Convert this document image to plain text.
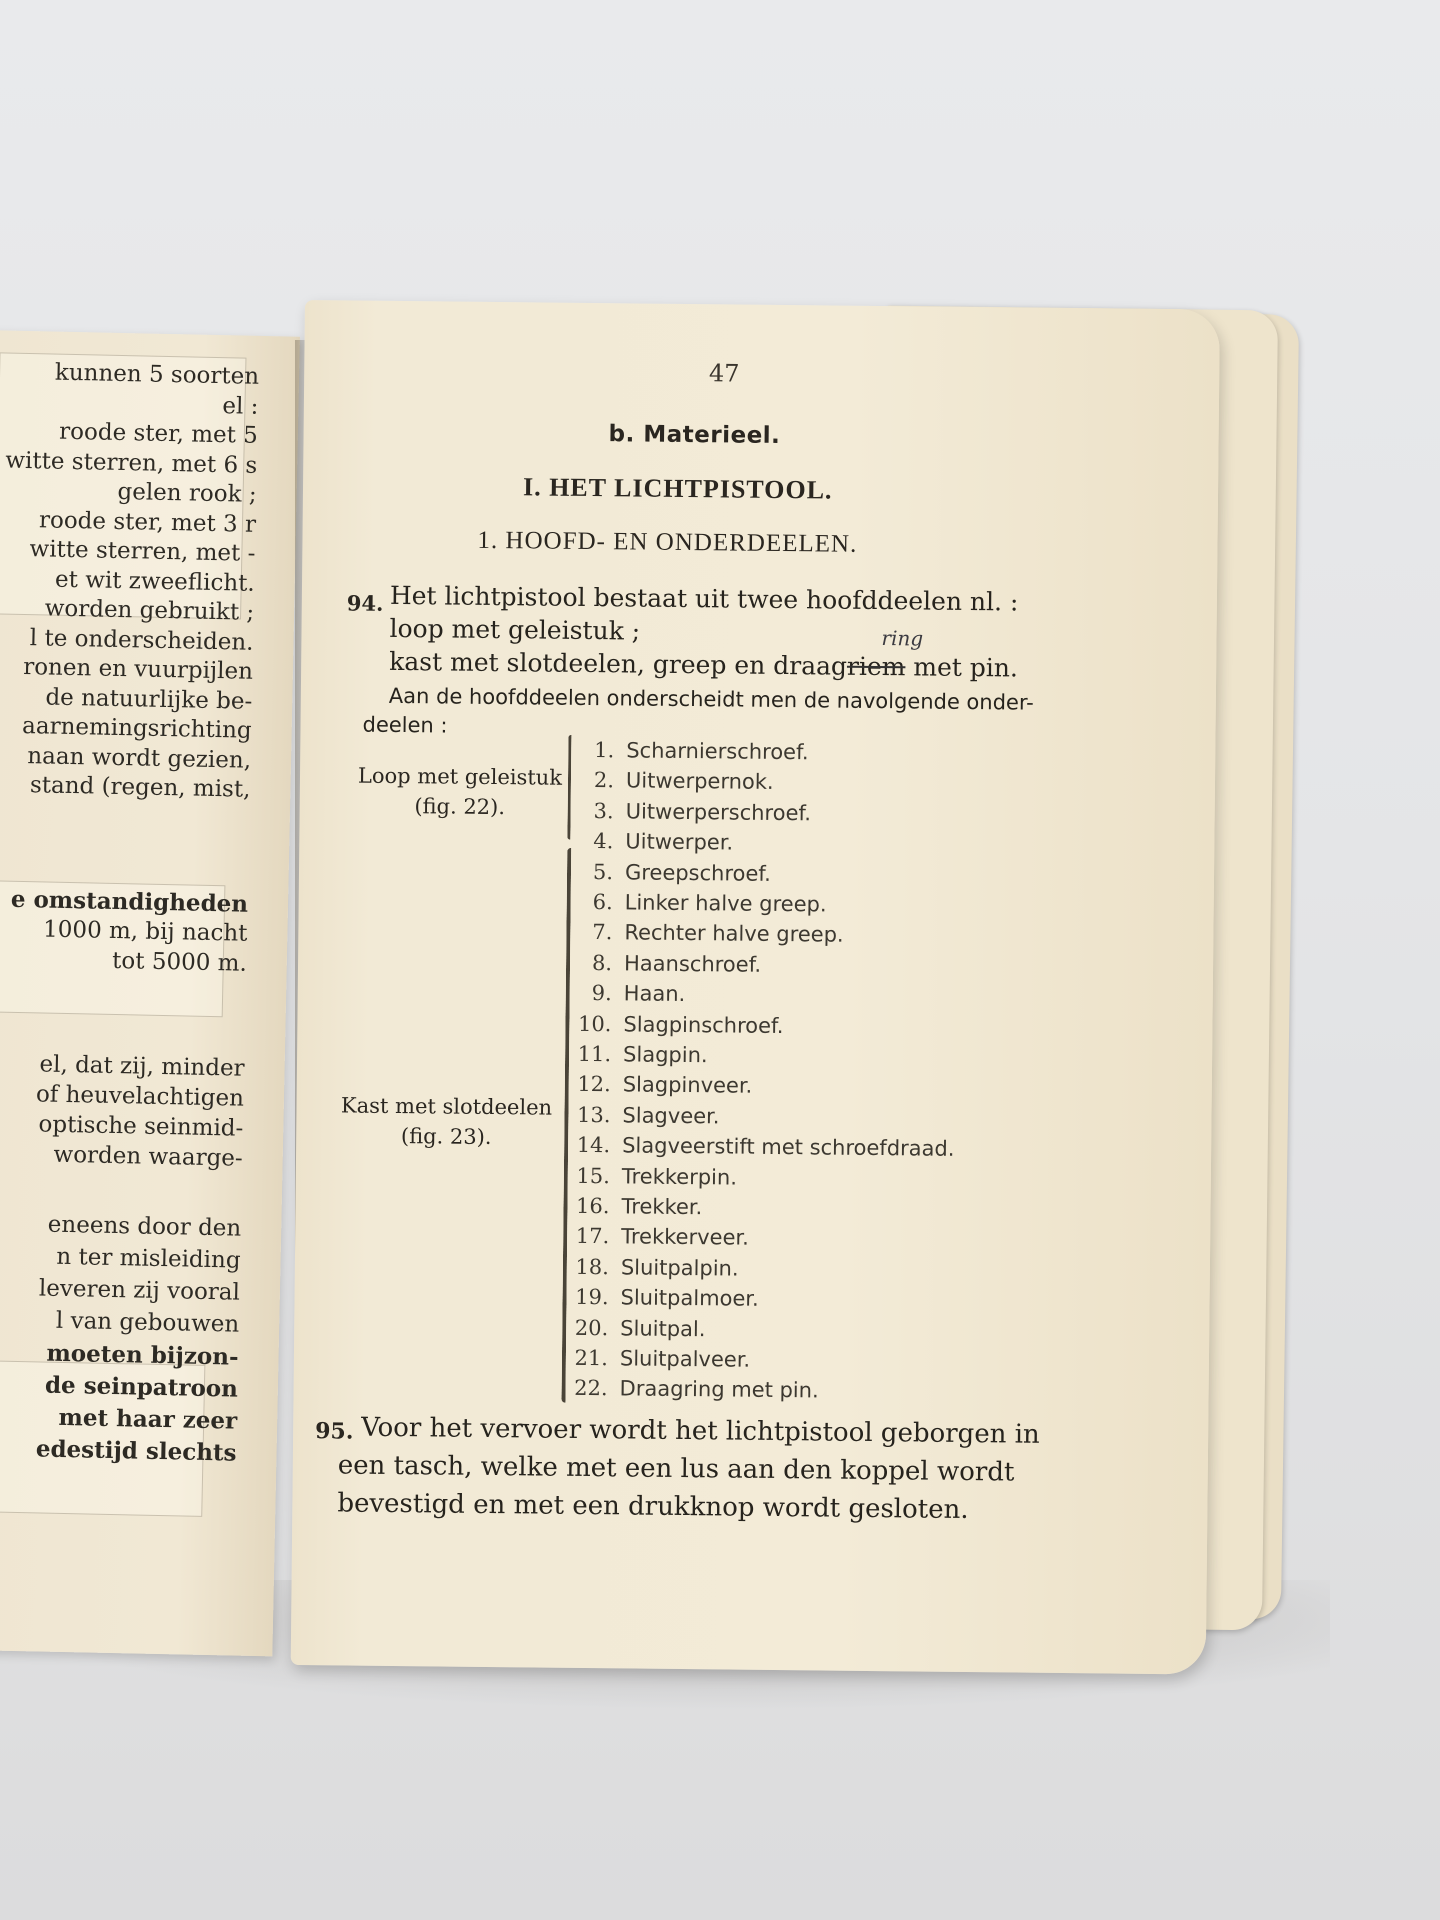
kunnen 5 soorten
el :
roode ster, met 5
witte sterren, met 6 s
gelen rook ;
roode ster, met 3 r
witte sterren, met -
et wit zweeflicht.
worden gebruikt ;
l te onderscheiden.
ronen en vuurpijlen
de natuurlijke be-
aarnemingsrichting
naan wordt gezien,
stand (regen, mist,
e omstandigheden
1000 m, bij nacht
tot 5000 m.
el, dat zij, minder
of heuvelachtigen
optische seinmid-
worden waarge-
eneens door den
n ter misleiding
leveren zij vooral
l van gebouwen
moeten bijzon-
de seinpatroon
met haar zeer
edestijd slechts
47
b. Materieel.
I. HET LICHTPISTOOL.
1. HOOFD- EN ONDERDEELEN.
94. Het lichtpistool bestaat uit twee hoofddeelen nl. :
loop met geleistuk ;
kast met slotdeelen, greep en draagriem met pin.
ring
Aan de hoofddeelen onderscheidt men de navolgende onder-
deelen :
Loop met geleistuk
(fig. 22).
Kast met slotdeelen
(fig. 23).
1. Scharnierschroef.
2. Uitwerpernok.
3. Uitwerperschroef.
4. Uitwerper.
5. Greepschroef.
6. Linker halve greep.
7. Rechter halve greep.
8. Haanschroef.
9. Haan.
10. Slagpinschroef.
11. Slagpin.
12. Slagpinveer.
13. Slagveer.
14. Slagveerstift met schroefdraad.
15. Trekkerpin.
16. Trekker.
17. Trekkerveer.
18. Sluitpalpin.
19. Sluitpalmoer.
20. Sluitpal.
21. Sluitpalveer.
22. Draagring met pin.
95. Voor het vervoer wordt het lichtpistool geborgen in
een tasch, welke met een lus aan den koppel wordt
bevestigd en met een drukknop wordt gesloten.
